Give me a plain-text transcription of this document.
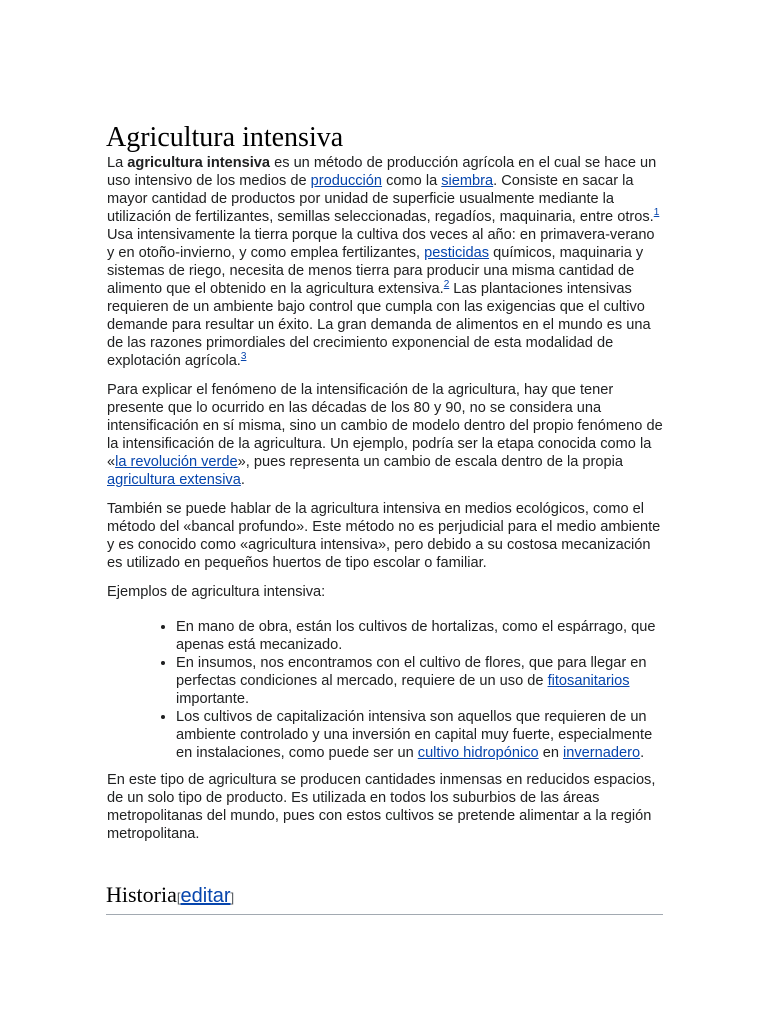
Agricultura intensiva

La agricultura intensiva es un método de producción agrícola en el cual se hace un uso intensivo de los medios de producción como la siembra. Consiste en sacar la mayor cantidad de productos por unidad de superficie usualmente mediante la utilización de fertilizantes, semillas seleccionadas, regadíos, maquinaria, entre otros.$^1$ Usa intensivamente la tierra porque la cultiva dos veces al año: en primavera-verano y en otoño-invierno, y como emplea fertilizantes, pesticidas químicos, maquinaria y sistemas de riego, necesita de menos tierra para producir una misma cantidad de alimento que el obtenido en la agricultura extensiva.$^2$ Las plantaciones intensivas requieren de un ambiente bajo control que cumpla con las exigencias que el cultivo demande para resultar un éxito. La gran demanda de alimentos en el mundo es una de las razones primordiales del crecimiento exponencial de esta modalidad de explotación agrícola.$^3$

Para explicar el fenómeno de la intensificación de la agricultura, hay que tener presente que lo ocurrido en las décadas de los 80 y 90, no se considera una intensificación en sí misma, sino un cambio de modelo dentro del propio fenómeno de la intensificación de la agricultura. Un ejemplo, podría ser la etapa conocida como la «la revolución verde», pues representa un cambio de escala dentro de la propia agricultura extensiva.

También se puede hablar de la agricultura intensiva en medios ecológicos, como el método del «bancal profundo». Este método no es perjudicial para el medio ambiente y es conocido como «agricultura intensiva», pero debido a su costosa mecanización es utilizado en pequeños huertos de tipo escolar o familiar.

Ejemplos de agricultura intensiva:

• En mano de obra, están los cultivos de hortalizas, como el espárrago, que apenas está mecanizado.
• En insumos, nos encontramos con el cultivo de flores, que para llegar en perfectas condiciones al mercado, requiere de un uso de fitosanitarios importante.
• Los cultivos de capitalización intensiva son aquellos que requieren de un ambiente controlado y una inversión en capital muy fuerte, especialmente en instalaciones, como puede ser un cultivo hidropónico en invernadero.

En este tipo de agricultura se producen cantidades inmensas en reducidos espacios, de un solo tipo de producto. Es utilizada en todos los suburbios de las áreas metropolitanas del mundo, pues con estos cultivos se pretende alimentar a la región metropolitana.

Historia[editar]
